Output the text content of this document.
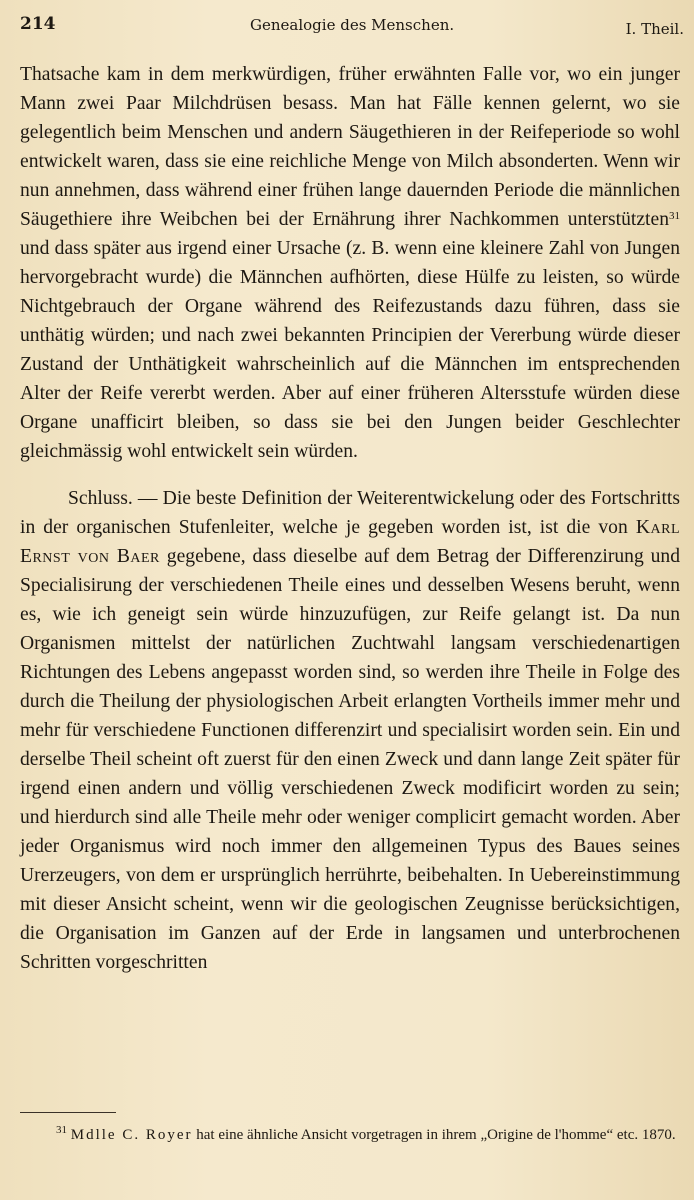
214	Genealogie des Menschen.	I. Theil.

Thatsache kam in dem merkwürdigen, früher erwähnten Falle vor, wo ein junger Mann zwei Paar Milchdrüsen besass. Man hat Fälle kennen gelernt, wo sie gelegentlich beim Menschen und andern Säugethieren in der Reifeperiode so wohl entwickelt waren, dass sie eine reichliche Menge von Milch absonderten. Wenn wir nun annehmen, dass während einer frühen lange dauernden Periode die männlichen Säugethiere ihre Weibchen bei der Ernährung ihrer Nachkommen unterstützten$^{31}$ und dass später aus irgend einer Ursache (z. B. wenn eine kleinere Zahl von Jungen hervorgebracht wurde) die Männchen aufhörten, diese Hülfe zu leisten, so würde Nichtgebrauch der Organe während des Reifezustands dazu führen, dass sie unthätig würden; und nach zwei bekannten Principien der Vererbung würde dieser Zustand der Unthätigkeit wahrscheinlich auf die Männchen im entsprechenden Alter der Reife vererbt werden. Aber auf einer früheren Altersstufe würden diese Organe unafficirt bleiben, so dass sie bei den Jungen beider Geschlechter gleichmässig wohl entwickelt sein würden.

Schluss. — Die beste Definition der Weiterentwickelung oder des Fortschritts in der organischen Stufenleiter, welche je gegeben worden ist, ist die von Karl Ernst von Baer gegebene, dass dieselbe auf dem Betrag der Differenzirung und Specialisirung der verschiedenen Theile eines und desselben Wesens beruht, wenn es, wie ich geneigt sein würde hinzuzufügen, zur Reife gelangt ist. Da nun Organismen mittelst der natürlichen Zuchtwahl langsam verschiedenartigen Richtungen des Lebens angepasst worden sind, so werden ihre Theile in Folge des durch die Theilung der physiologischen Arbeit erlangten Vortheils immer mehr und mehr für verschiedene Functionen differenzirt und specialisirt worden sein. Ein und derselbe Theil scheint oft zuerst für den einen Zweck und dann lange Zeit später für irgend einen andern und völlig verschiedenen Zweck modificirt worden zu sein; und hierdurch sind alle Theile mehr oder weniger complicirt gemacht worden. Aber jeder Organismus wird noch immer den allgemeinen Typus des Baues seines Urerzeugers, von dem er ursprünglich herrührte, beibehalten. In Uebereinstimmung mit dieser Ansicht scheint, wenn wir die geologischen Zeugnisse berücksichtigen, die Organisation im Ganzen auf der Erde in langsamen und unterbrochenen Schritten vorgeschritten

$^{31}$ Mdlle C. Royer hat eine ähnliche Ansicht vorgetragen in ihrem „Origine de l'homme“ etc. 1870.
